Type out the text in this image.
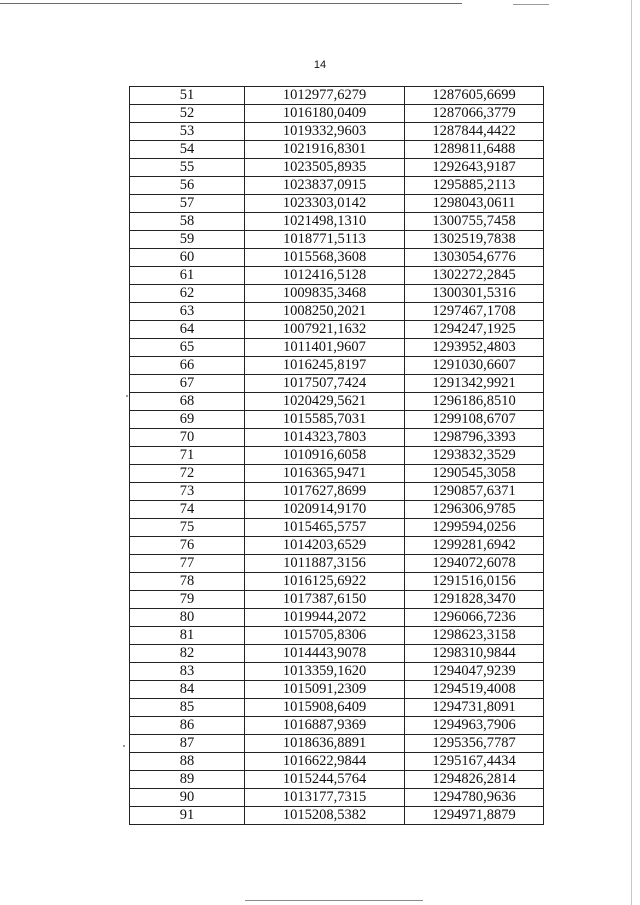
14
51	1012977,6279	1287605,6699
52	1016180,0409	1287066,3779
53	1019332,9603	1287844,4422
54	1021916,8301	1289811,6488
55	1023505,8935	1292643,9187
56	1023837,0915	1295885,2113
57	1023303,0142	1298043,0611
58	1021498,1310	1300755,7458
59	1018771,5113	1302519,7838
60	1015568,3608	1303054,6776
61	1012416,5128	1302272,2845
62	1009835,3468	1300301,5316
63	1008250,2021	1297467,1708
64	1007921,1632	1294247,1925
65	1011401,9607	1293952,4803
66	1016245,8197	1291030,6607
67	1017507,7424	1291342,9921
68	1020429,5621	1296186,8510
69	1015585,7031	1299108,6707
70	1014323,7803	1298796,3393
71	1010916,6058	1293832,3529
72	1016365,9471	1290545,3058
73	1017627,8699	1290857,6371
74	1020914,9170	1296306,9785
75	1015465,5757	1299594,0256
76	1014203,6529	1299281,6942
77	1011887,3156	1294072,6078
78	1016125,6922	1291516,0156
79	1017387,6150	1291828,3470
80	1019944,2072	1296066,7236
81	1015705,8306	1298623,3158
82	1014443,9078	1298310,9844
83	1013359,1620	1294047,9239
84	1015091,2309	1294519,4008
85	1015908,6409	1294731,8091
86	1016887,9369	1294963,7906
87	1018636,8891	1295356,7787
88	1016622,9844	1295167,4434
89	1015244,5764	1294826,2814
90	1013177,7315	1294780,9636
91	1015208,5382	1294971,8879
